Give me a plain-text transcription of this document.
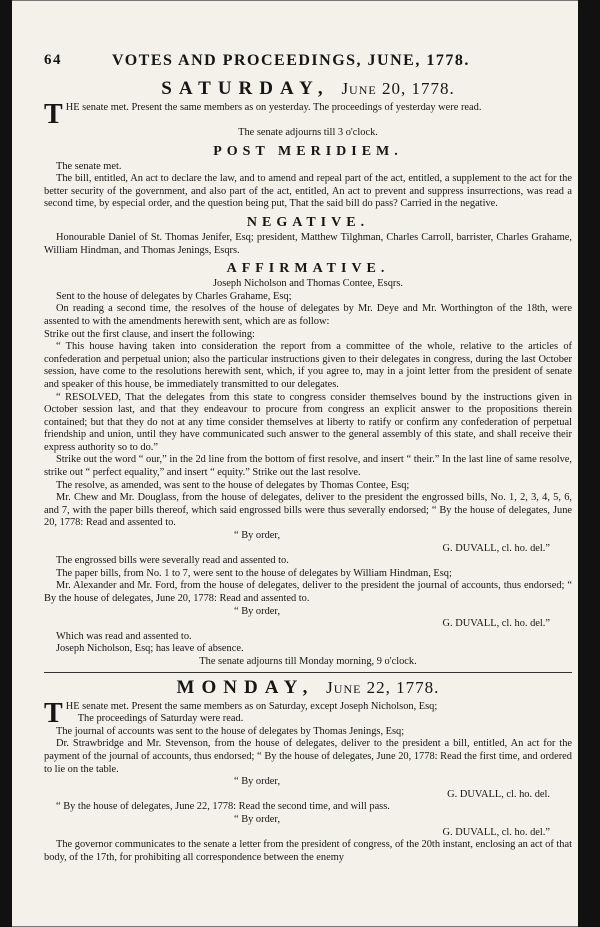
64	VOTES AND PROCEEDINGS, JUNE, 1778.
SATURDAY, June 20, 1778.

THE senate met. Present the same members as on yesterday. The proceedings of yesterday were read.

The senate adjourns till 3 o'clock.

POST MERIDIEM.

The senate met.

The bill, entitled, An act to declare the law, and to amend and repeal part of the act, entitled, a supplement to the act for the better security of the government, and also part of the act, entitled, An act to prevent and suppress insurrections, was read a second time, by especial order, and the question being put, That the said bill do pass? Carried in the negative.

NEGATIVE.

Honourable Daniel of St. Thomas Jenifer, Esq; president, Matthew Tilghman, Charles Carroll, barrister, Charles Grahame, William Hindman, and Thomas Jenings, Esqrs.

AFFIRMATIVE.

Joseph Nicholson and Thomas Contee, Esqrs.

Sent to the house of delegates by Charles Grahame, Esq;

On reading a second time, the resolves of the house of delegates by Mr. Deye and Mr. Worthington of the 18th, were assented to with the amendments herewith sent, which are as follow:

Strike out the first clause, and insert the following:

“ This house having taken into consideration the report from a committee of the whole, relative to the articles of confederation and perpetual union; also the particular instructions given to their delegates in congress, during the last October session, have come to the resolutions herewith sent, which, if you agree to, may in a joint letter from the president of senate and speaker of this house, be immediately transmitted to our delegates.

“ RESOLVED, That the delegates from this state to congress consider themselves bound by the instructions given in October session last, and that they endeavour to procure from congress an explicit answer to the propositions therein contained; but that they do not at any time consider themselves at liberty to ratify or confirm any confederation of perpetual friendship and union, until they have communicated such answer to the general assembly of this state, and shall receive their express authority so to do.”

Strike out the word “ our,” in the 2d line from the bottom of first resolve, and insert “ their.” In the last line of same resolve, strike out “ perfect equality,” and insert “ equity.” Strike out the last resolve.

The resolve, as amended, was sent to the house of delegates by Thomas Contee, Esq;

Mr. Chew and Mr. Douglass, from the house of delegates, deliver to the president the engrossed bills, No. 1, 2, 3, 4, 5, 6, and 7, with the paper bills thereof, which said engrossed bills were thus severally endorsed; “ By the house of delegates, June 20, 1778: Read and assented to.

“ By order,

G. DUVALL, cl. ho. del.”

The engrossed bills were severally read and assented to.

The paper bills, from No. 1 to 7, were sent to the house of delegates by William Hindman, Esq;

Mr. Alexander and Mr. Ford, from the house of delegates, deliver to the president the journal of accounts, thus endorsed; “ By the house of delegates, June 20, 1778: Read and assented to.

“ By order,

G. DUVALL, cl. ho. del.”

Which was read and assented to.

Joseph Nicholson, Esq; has leave of absence.

The senate adjourns till Monday morning, 9 o'clock.

MONDAY, June 22, 1778.

THE senate met. Present the same members as on Saturday, except Joseph Nicholson, Esq;

The proceedings of Saturday were read.

The journal of accounts was sent to the house of delegates by Thomas Jenings, Esq;

Dr. Strawbridge and Mr. Stevenson, from the house of delegates, deliver to the president a bill, entitled, An act for the payment of the journal of accounts, thus endorsed; “ By the house of delegates, June 20, 1778: Read the first time, and ordered to lie on the table.

“ By order,

G. DUVALL, cl. ho. del.

“ By the house of delegates, June 22, 1778: Read the second time, and will pass.

“ By order,

G. DUVALL, cl. ho. del.”

The governor communicates to the senate a letter from the president of congress, of the 20th instant, enclosing an act of that body, of the 17th, for prohibiting all correspondence between the enemy
